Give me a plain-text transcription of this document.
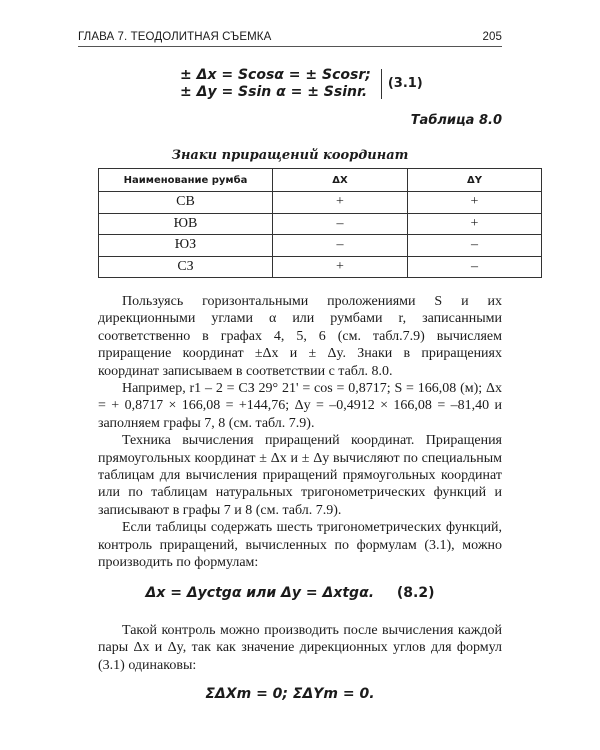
ГЛАВА 7. ТЕОДОЛИТНАЯ СЪЕМКА	205
± Δx = Scosα = ± Scosr;
± Δy = Ssin α = ± Ssinr. (3.1)
Таблица 8.0
Знаки приращений координат
Наименование румба	ΔX	ΔY
СВ	+	+
ЮВ	–	+
ЮЗ	–	–
СЗ	+	–

Пользуясь горизонтальными проложениями S и их дирекционными углами α или румбами r, записанными соответственно в графах 4, 5, 6 (см. табл.7.9) вычисляем приращение координат ±Δx и ± Δy. Знаки в приращениях координат записываем в соответствии с табл. 8.0.

Например, r1 – 2 = СЗ 29° 21' = cos = 0,8717; S = 166,08 (м); Δx = + 0,8717 × 166,08 = +144,76; Δy = –0,4912 × 166,08 = –81,40 и заполняем графы 7, 8 (см. табл. 7.9).

Техника вычисления приращений координат. Приращения прямоугольных координат ± Δx и ± Δy вычисляют по специальным таблицам для вычисления приращений прямоугольных координат или по таблицам натуральных тригонометрических функций и записывают в графы 7 и 8 (см. табл. 7.9).

Если таблицы содержать шесть тригонометрических функций, контроль приращений, вычисленных по формулам (3.1), можно производить по формулам:

Δx = Δyctgα или Δy = Δxtgα. (8.2)

Такой контроль можно производить после вычисления каждой пары Δx и Δy, так как значение дирекционных углов для формул (3.1) одинаковы:

ΣΔXm = 0; ΣΔYm = 0.
